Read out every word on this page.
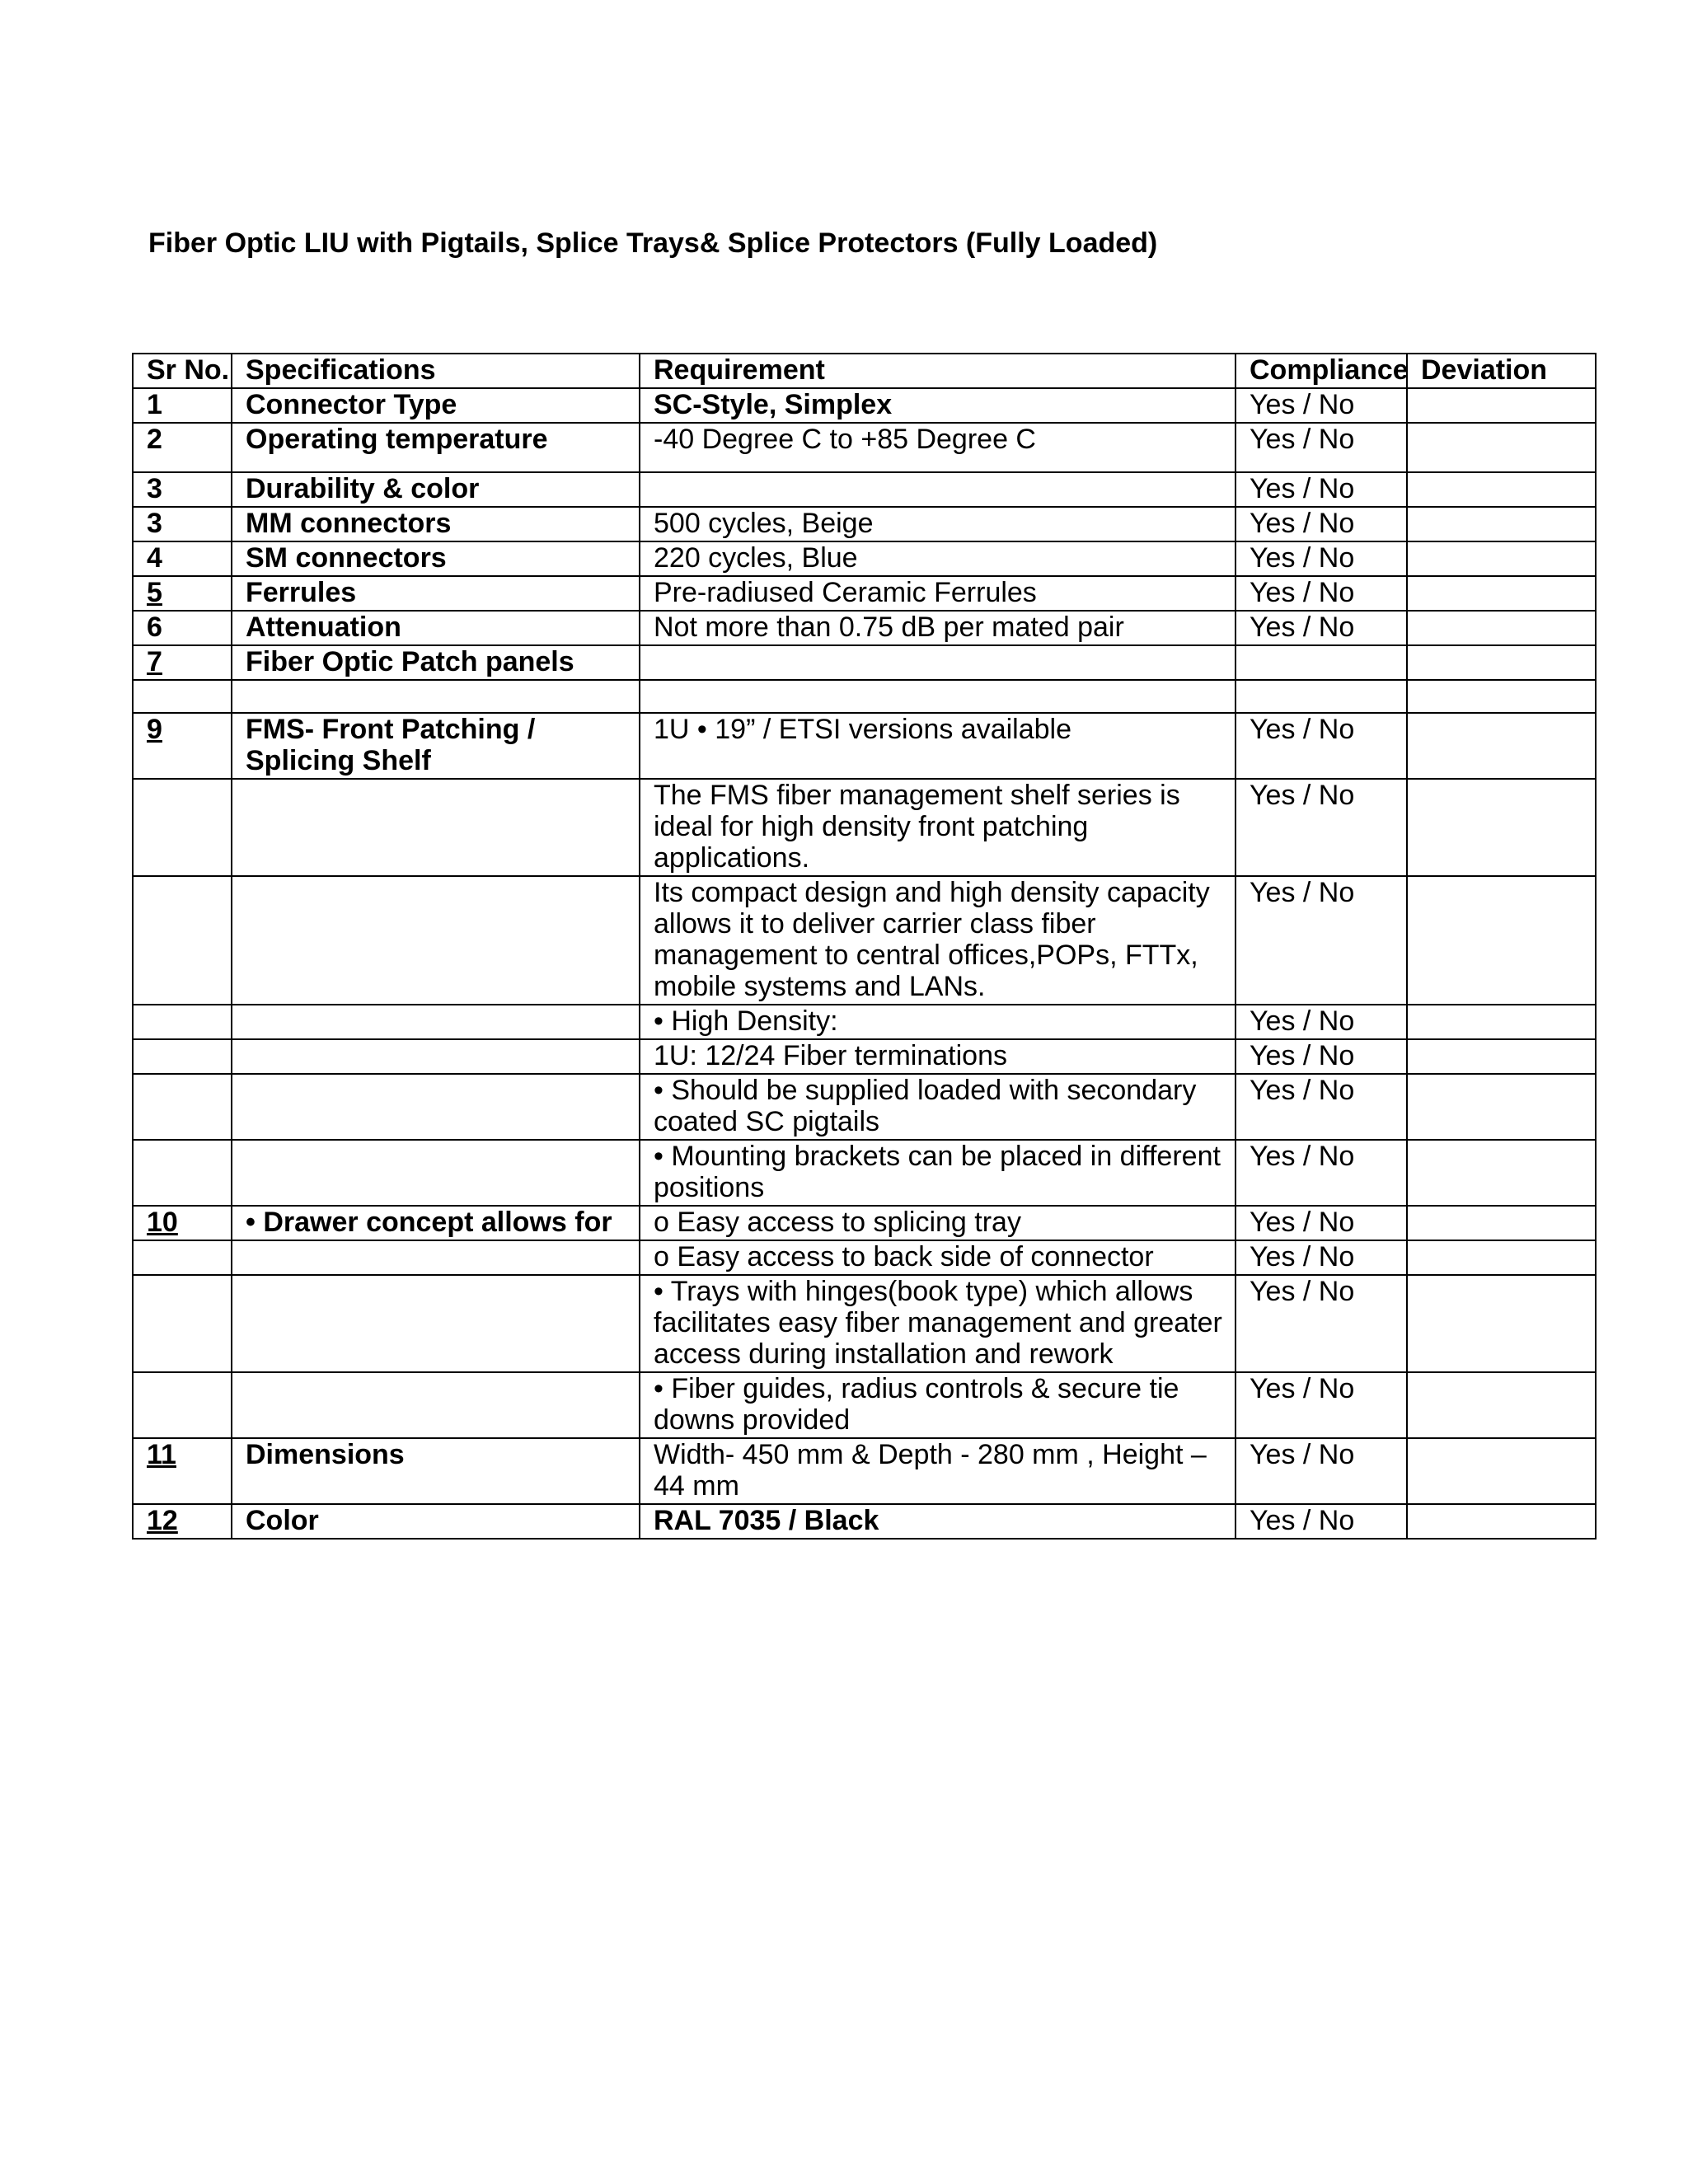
Fiber Optic LIU with Pigtails, Splice Trays& Splice Protectors (Fully Loaded)
Sr No.	Specifications	Requirement	Compliance	Deviation
1	Connector Type	SC-Style, Simplex	Yes / No	
2	Operating temperature	-40 Degree C to +85 Degree C	Yes / No	
3	Durability & color		Yes / No	
3	MM connectors	500 cycles, Beige	Yes / No	
4	SM connectors	220 cycles, Blue	Yes / No	
5	Ferrules	Pre-radiused Ceramic Ferrules	Yes / No	
6	Attenuation	Not more than 0.75 dB per mated pair	Yes / No	
7	Fiber Optic Patch panels			

9	FMS- Front Patching / Splicing Shelf	1U • 19” / ETSI versions available	Yes / No	
		The FMS fiber management shelf series is ideal for high density front patching applications.	Yes / No	
		Its compact design and high density capacity allows it to deliver carrier class fiber management to central offices,POPs, FTTx, mobile systems and LANs.	Yes / No	
		• High Density:	Yes / No	
		1U: 12/24 Fiber terminations	Yes / No	
		• Should be supplied loaded with secondary coated SC pigtails	Yes / No	
		• Mounting brackets can be placed in different positions	Yes / No	
10	• Drawer concept allows for	o Easy access to splicing tray	Yes / No	
		o Easy access to back side of connector	Yes / No	
		• Trays with hinges(book type) which allows facilitates easy fiber management and greater access during installation and rework	Yes / No	
		• Fiber guides, radius controls & secure tie downs provided	Yes / No	
11	Dimensions	Width- 450 mm & Depth - 280 mm , Height – 44 mm	Yes / No	
12	Color	RAL 7035 / Black	Yes / No	
